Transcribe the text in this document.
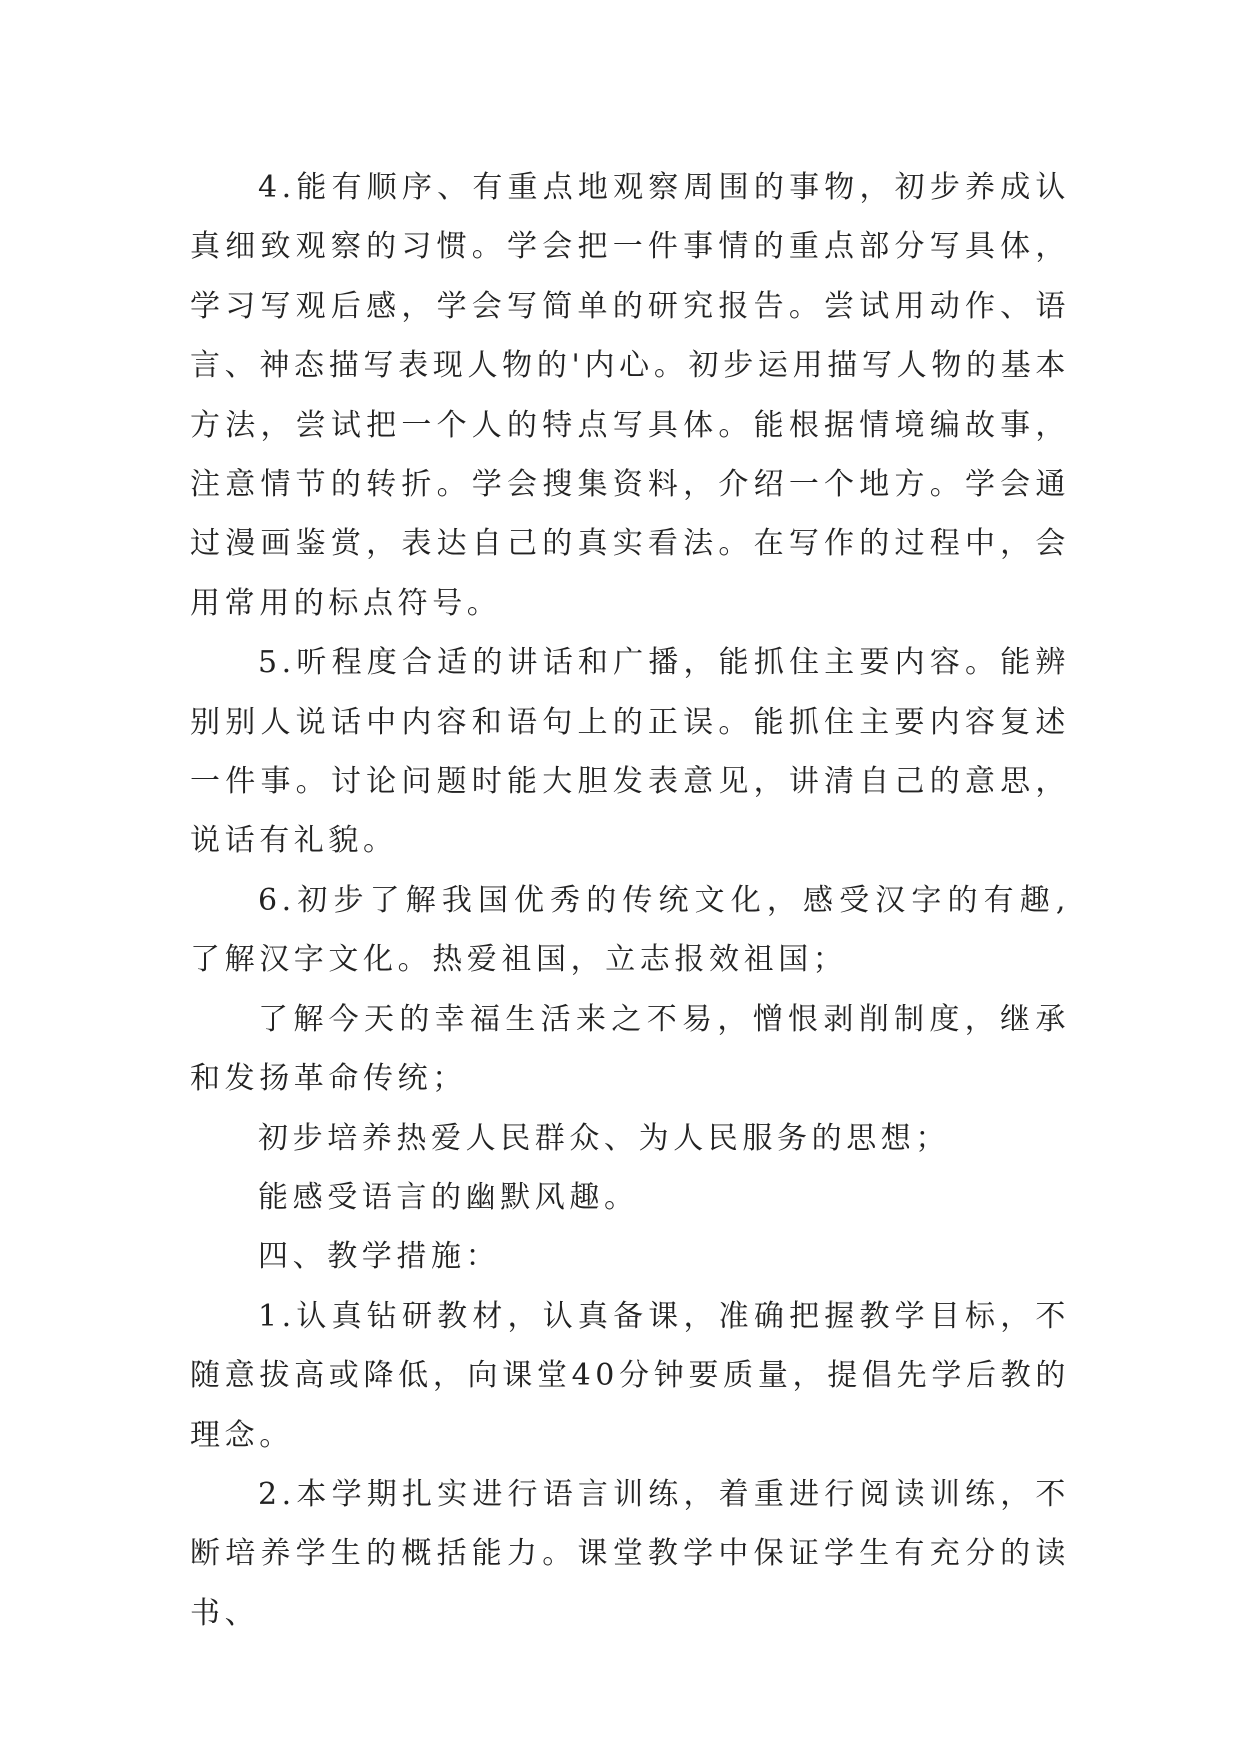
4.能有顺序、有重点地观察周围的事物，初步养成认真细致观察的习惯。学会把一件事情的重点部分写具体，学习写观后感，学会写简单的研究报告。尝试用动作、语言、神态描写表现人物的'内心。初步运用描写人物的基本方法，尝试把一个人的特点写具体。能根据情境编故事，注意情节的转折。学会搜集资料，介绍一个地方。学会通过漫画鉴赏，表达自己的真实看法。在写作的过程中，会用常用的标点符号。

5.听程度合适的讲话和广播，能抓住主要内容。能辨别别人说话中内容和语句上的正误。能抓住主要内容复述一件事。讨论问题时能大胆发表意见，讲清自己的意思，说话有礼貌。

6.初步了解我国优秀的传统文化，感受汉字的有趣,了解汉字文化。热爱祖国，立志报效祖国；

了解今天的幸福生活来之不易，憎恨剥削制度，继承和发扬革命传统；

初步培养热爱人民群众、为人民服务的思想；

能感受语言的幽默风趣。

四、教学措施：

1.认真钻研教材，认真备课，准确把握教学目标，不随意拔高或降低，向课堂40分钟要质量，提倡先学后教的理念。

2.本学期扎实进行语言训练，着重进行阅读训练，不断培养学生的概括能力。课堂教学中保证学生有充分的读书、
